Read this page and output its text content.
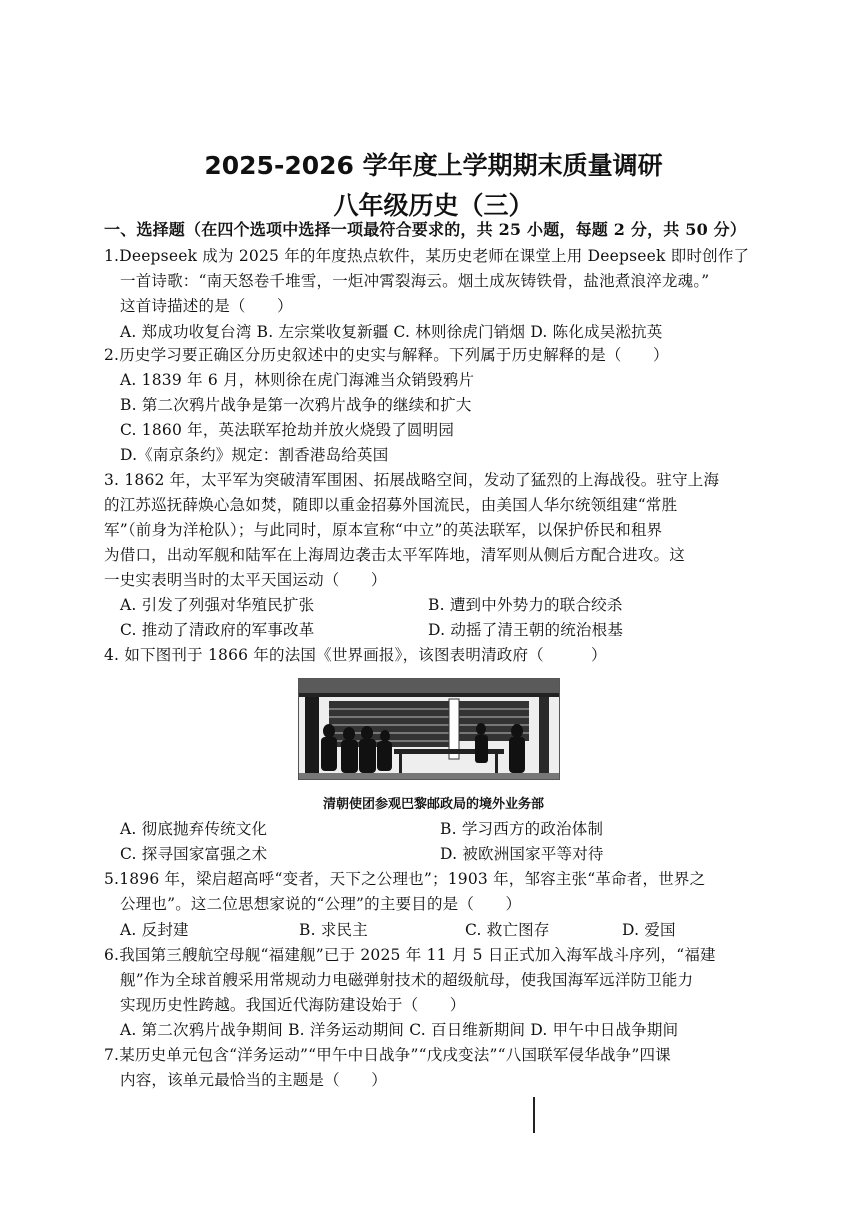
2025-2026 学年度上学期期末质量调研
八年级历史（三）
一、选择题（在四个选项中选择一项最符合要求的，共 25 小题，每题 2 分，共 50 分）
1.Deepseek 成为 2025 年的年度热点软件，某历史老师在课堂上用 Deepseek 即时创作了
一首诗歌：“南天怒卷千堆雪，一炬冲霄裂海云。烟土成灰铸铁骨，盐池煮浪淬龙魂。”
这首诗描述的是（　　）
A. 郑成功收复台湾 B. 左宗棠收复新疆 C. 林则徐虎门销烟 D. 陈化成吴淞抗英
2.历史学习要正确区分历史叙述中的史实与解释。下列属于历史解释的是（　　）
A. 1839 年 6 月，林则徐在虎门海滩当众销毁鸦片
B. 第二次鸦片战争是第一次鸦片战争的继续和扩大
C. 1860 年，英法联军抢劫并放火烧毁了圆明园
D.《南京条约》规定：割香港岛给英国
3. 1862 年，太平军为突破清军围困、拓展战略空间，发动了猛烈的上海战役。驻守上海
的江苏巡抚薛焕心急如焚，随即以重金招募外国流民，由美国人华尔统领组建“常胜
军”（前身为洋枪队）；与此同时，原本宣称“中立”的英法联军，以保护侨民和租界
为借口，出动军舰和陆军在上海周边袭击太平军阵地，清军则从侧后方配合进攻。这
一史实表明当时的太平天国运动（　　）
A. 引发了列强对华殖民扩张	B. 遭到中外势力的联合绞杀
C. 推动了清政府的军事改革	D. 动摇了清王朝的统治根基
4. 如下图刊于 1866 年的法国《世界画报》，该图表明清政府（　　　）
清朝使团参观巴黎邮政局的境外业务部
A. 彻底抛弃传统文化	B. 学习西方的政治体制
C. 探寻国家富强之术	D. 被欧洲国家平等对待
5.1896 年，梁启超高呼“变者，天下之公理也”；1903 年，邹容主张“革命者，世界之
公理也”。这二位思想家说的“公理”的主要目的是（　　）
A. 反封建	B. 求民主	C. 救亡图存	D. 爱国
6.我国第三艘航空母舰“福建舰”已于 2025 年 11 月 5 日正式加入海军战斗序列，“福建
舰”作为全球首艘采用常规动力电磁弹射技术的超级航母，使我国海军远洋防卫能力
实现历史性跨越。我国近代海防建设始于（　　）
A. 第二次鸦片战争期间 B. 洋务运动期间 C. 百日维新期间 D. 甲午中日战争期间
7.某历史单元包含“洋务运动”“甲午中日战争”“戊戌变法”“八国联军侵华战争”四课
内容，该单元最恰当的主题是（　　）
